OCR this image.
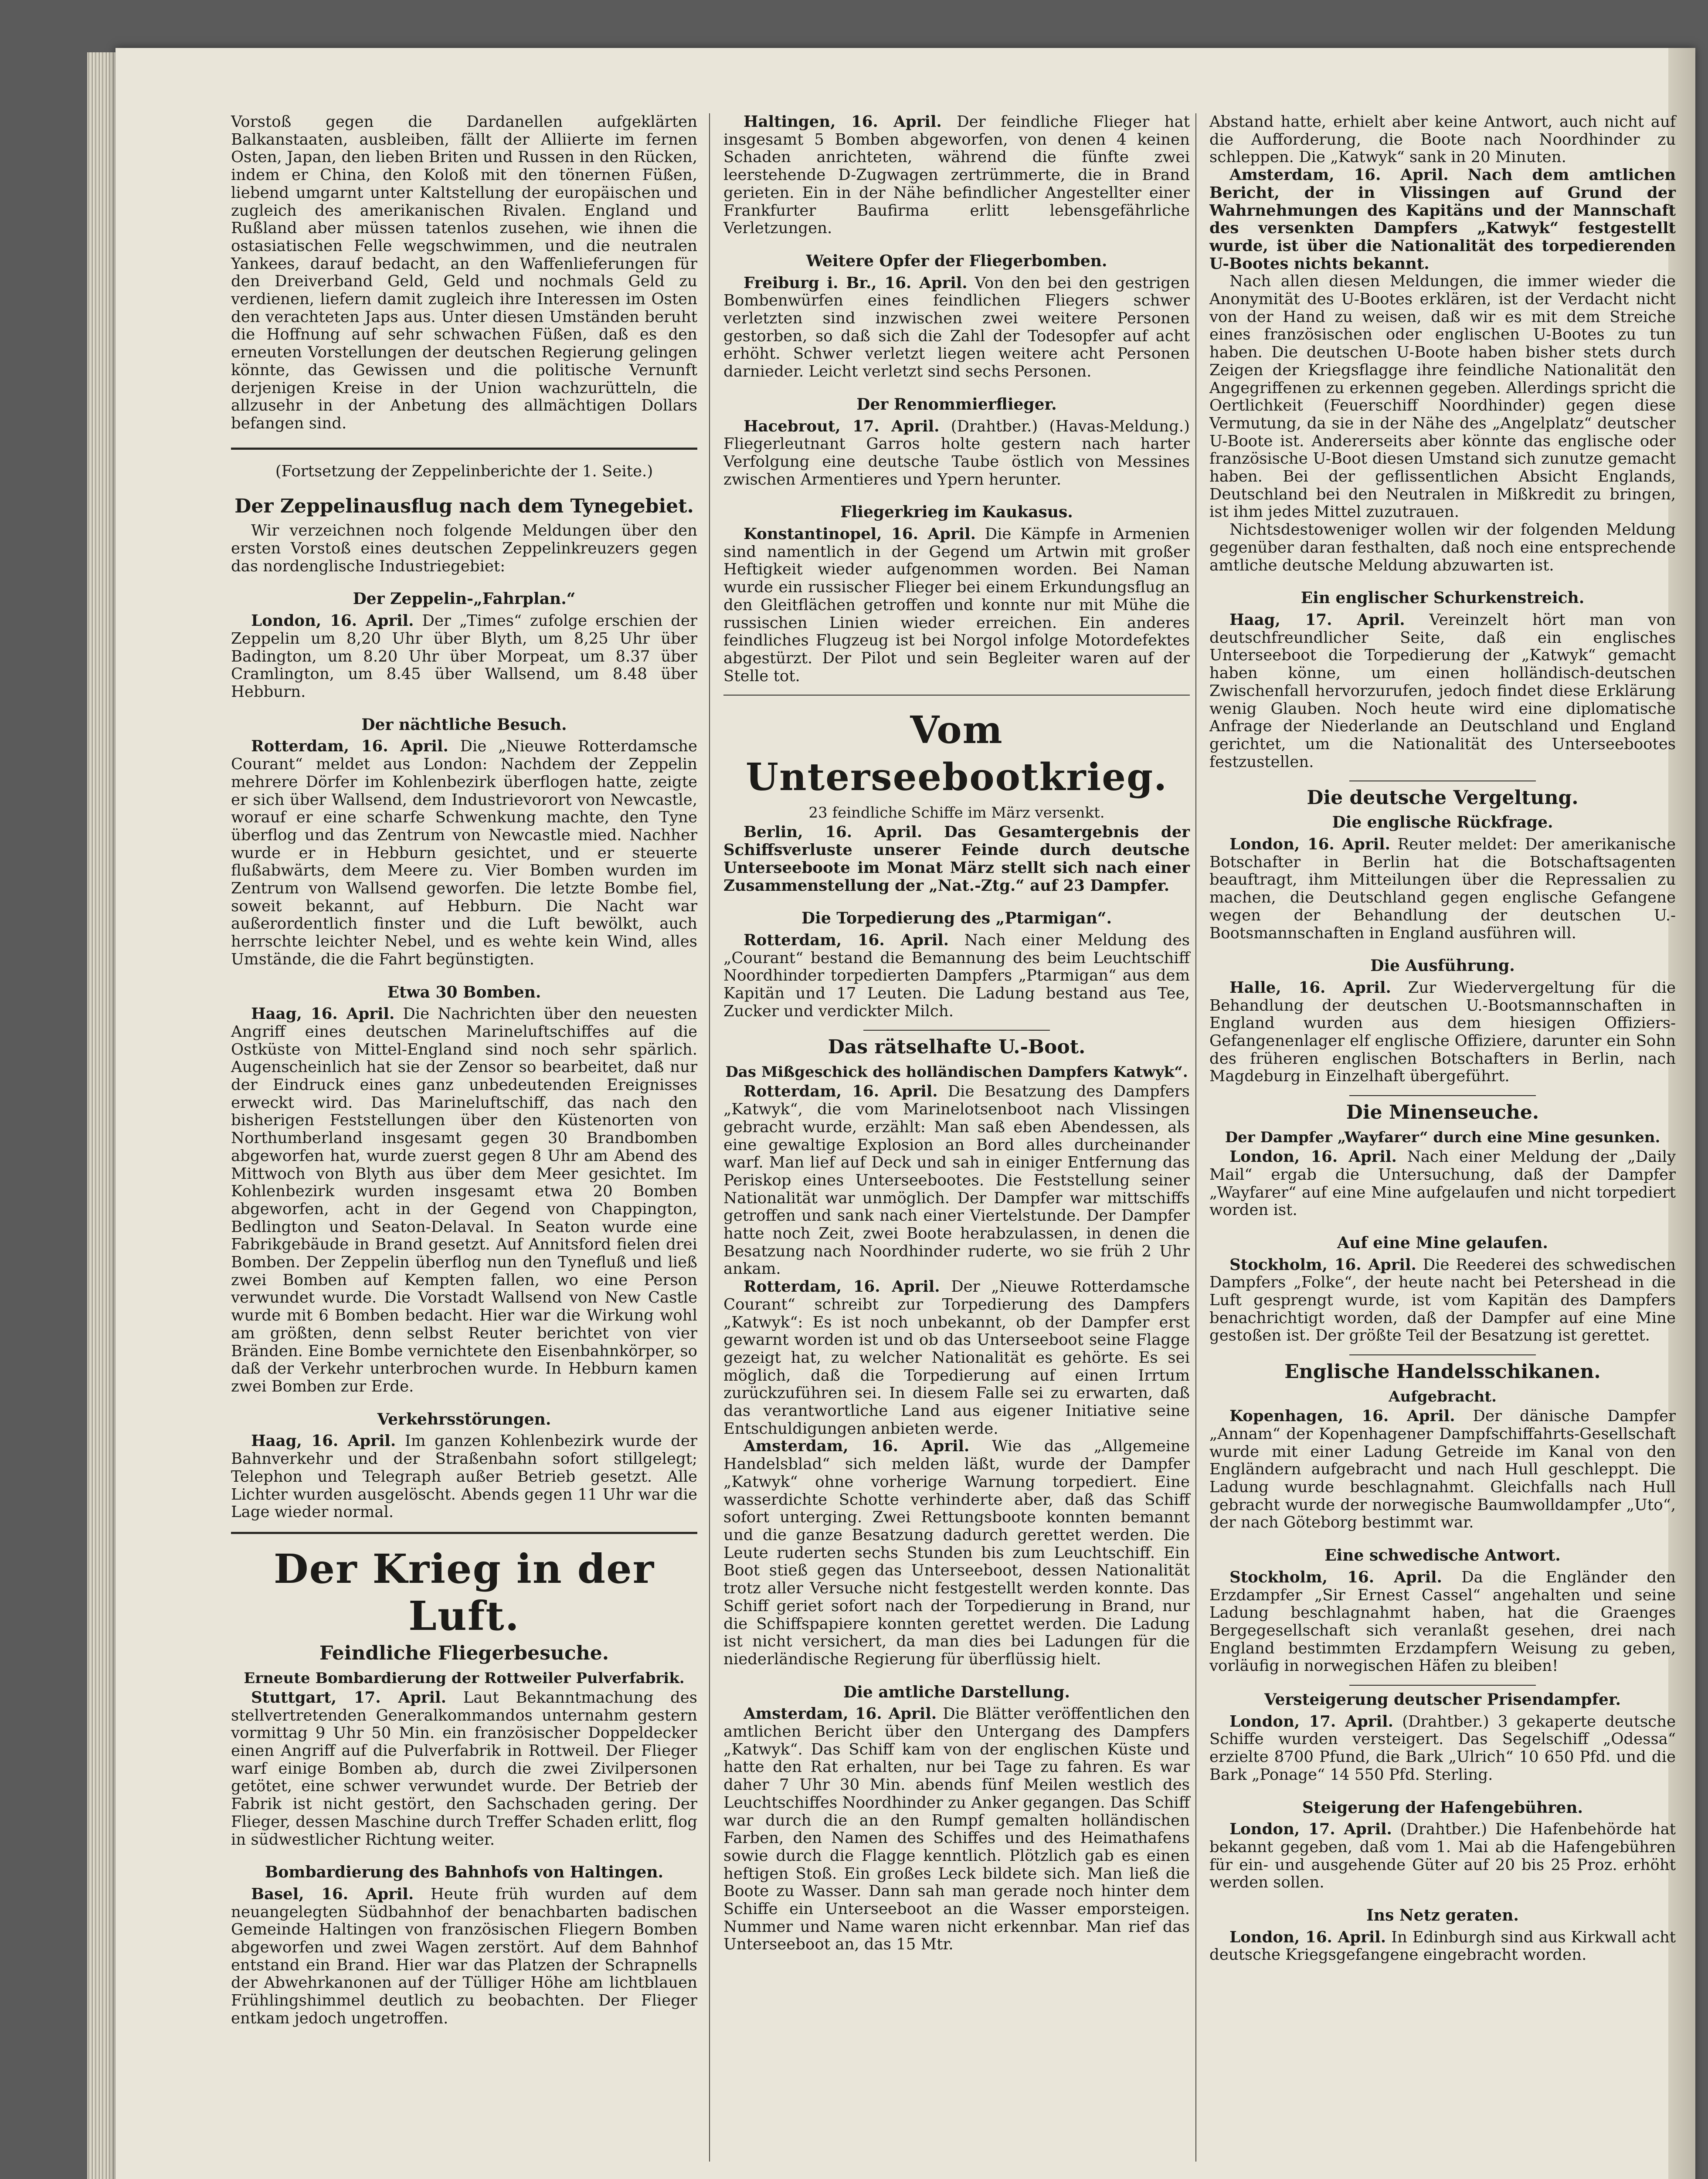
Vorstoß gegen die Dardanellen aufgeklärten Balkanstaaten, ausbleiben, fällt der Alliierte im fernen Osten, Japan, den lieben Briten und Russen in den Rücken, indem er China, den Koloß mit den tönernen Füßen, liebend umgarnt unter Kaltstellung der europäischen und zugleich des amerikanischen Rivalen. England und Rußland aber müssen tatenlos zusehen, wie ihnen die ostasiatischen Felle wegschwimmen, und die neutralen Yankees, darauf bedacht, an den Waffenlieferungen für den Dreiverband Geld, Geld und nochmals Geld zu verdienen, liefern damit zugleich ihre Interessen im Osten den verachteten Japs aus. Unter diesen Umständen beruht die Hoffnung auf sehr schwachen Füßen, daß es den erneuten Vorstellungen der deutschen Regierung gelingen könnte, das Gewissen und die politische Vernunft derjenigen Kreise in der Union wachzurütteln, die allzusehr in der Anbetung des allmächtigen Dollars befangen sind.

(Fortsetzung der Zeppelinberichte der 1. Seite.)

Der Zeppelinausflug nach dem Tynegebiet.

Wir verzeichnen noch folgende Meldungen über den ersten Vorstoß eines deutschen Zeppelinkreuzers gegen das nordenglische Industriegebiet:

Der Zeppelin-„Fahrplan.“

London, 16. April. Der „Times“ zufolge erschien der Zeppelin um 8,20 Uhr über Blyth, um 8,25 Uhr über Badington, um 8.20 Uhr über Morpeat, um 8.37 über Cramlington, um 8.45 über Wallsend, um 8.48 über Hebburn.

Der nächtliche Besuch.

Rotterdam, 16. April. Die „Nieuwe Rotterdamsche Courant“ meldet aus London: Nachdem der Zeppelin mehrere Dörfer im Kohlenbezirk überflogen hatte, zeigte er sich über Wallsend, dem Industrievorort von Newcastle, worauf er eine scharfe Schwenkung machte, den Tyne überflog und das Zentrum von Newcastle mied. Nachher wurde er in Hebburn gesichtet, und er steuerte flußabwärts, dem Meere zu. Vier Bomben wurden im Zentrum von Wallsend geworfen. Die letzte Bombe fiel, soweit bekannt, auf Hebburn. Die Nacht war außerordentlich finster und die Luft bewölkt, auch herrschte leichter Nebel, und es wehte kein Wind, alles Umstände, die die Fahrt begünstigten.

Etwa 30 Bomben.

Haag, 16. April. Die Nachrichten über den neuesten Angriff eines deutschen Marineluftschiffes auf die Ostküste von Mittel-England sind noch sehr spärlich. Augenscheinlich hat sie der Zensor so bearbeitet, daß nur der Eindruck eines ganz unbedeutenden Ereignisses erweckt wird. Das Marineluftschiff, das nach den bisherigen Feststellungen über den Küstenorten von Northumberland insgesamt gegen 30 Brandbomben abgeworfen hat, wurde zuerst gegen 8 Uhr am Abend des Mittwoch von Blyth aus über dem Meer gesichtet. Im Kohlenbezirk wurden insgesamt etwa 20 Bomben abgeworfen, acht in der Gegend von Chappington, Bedlington und Seaton-Delaval. In Seaton wurde eine Fabrikgebäude in Brand gesetzt. Auf Annitsford fielen drei Bomben. Der Zeppelin überflog nun den Tynefluß und ließ zwei Bomben auf Kempten fallen, wo eine Person verwundet wurde. Die Vorstadt Wallsend von New Castle wurde mit 6 Bomben bedacht. Hier war die Wirkung wohl am größten, denn selbst Reuter berichtet von vier Bränden. Eine Bombe vernichtete den Eisenbahnkörper, so daß der Verkehr unterbrochen wurde. In Hebburn kamen zwei Bomben zur Erde.

Verkehrsstörungen.

Haag, 16. April. Im ganzen Kohlenbezirk wurde der Bahnverkehr und der Straßenbahn sofort stillgelegt; Telephon und Telegraph außer Betrieb gesetzt. Alle Lichter wurden ausgelöscht. Abends gegen 11 Uhr war die Lage wieder normal.

Der Krieg in der Luft.
Feindliche Fliegerbesuche.
Erneute Bombardierung der Rottweiler Pulverfabrik.

Stuttgart, 17. April. Laut Bekanntmachung des stellvertretenden Generalkommandos unternahm gestern vormittag 9 Uhr 50 Min. ein französischer Doppeldecker einen Angriff auf die Pulverfabrik in Rottweil. Der Flieger warf einige Bomben ab, durch die zwei Zivilpersonen getötet, eine schwer verwundet wurde. Der Betrieb der Fabrik ist nicht gestört, den Sachschaden gering. Der Flieger, dessen Maschine durch Treffer Schaden erlitt, flog in südwestlicher Richtung weiter.

Bombardierung des Bahnhofs von Haltingen.

Basel, 16. April. Heute früh wurden auf dem neuangelegten Südbahnhof der benachbarten badischen Gemeinde Haltingen von französischen Fliegern Bomben abgeworfen und zwei Wagen zerstört. Auf dem Bahnhof entstand ein Brand. Hier war das Platzen der Schrapnells der Abwehrkanonen auf der Tülliger Höhe am lichtblauen Frühlingshimmel deutlich zu beobachten. Der Flieger entkam jedoch ungetroffen.

Haltingen, 16. April. Der feindliche Flieger hat insgesamt 5 Bomben abgeworfen, von denen 4 keinen Schaden anrichteten, während die fünfte zwei leerstehende D-Zugwagen zertrümmerte, die in Brand gerieten. Ein in der Nähe befindlicher Angestellter einer Frankfurter Baufirma erlitt lebensgefährliche Verletzungen.

Weitere Opfer der Fliegerbomben.

Freiburg i. Br., 16. April. Von den bei den gestrigen Bombenwürfen eines feindlichen Fliegers schwer verletzten sind inzwischen zwei weitere Personen gestorben, so daß sich die Zahl der Todesopfer auf acht erhöht. Schwer verletzt liegen weitere acht Personen darnieder. Leicht verletzt sind sechs Personen.

Der Renommierflieger.

Hacebrout, 17. April. (Drahtber.) (Havas-Meldung.) Fliegerleutnant Garros holte gestern nach harter Verfolgung eine deutsche Taube östlich von Messines zwischen Armentieres und Ypern herunter.

Fliegerkrieg im Kaukasus.

Konstantinopel, 16. April. Die Kämpfe in Armenien sind namentlich in der Gegend um Artwin mit großer Heftigkeit wieder aufgenommen worden. Bei Naman wurde ein russischer Flieger bei einem Erkundungsflug an den Gleitflächen getroffen und konnte nur mit Mühe die russischen Linien wieder erreichen. Ein anderes feindliches Flugzeug ist bei Norgol infolge Motordefektes abgestürzt. Der Pilot und sein Begleiter waren auf der Stelle tot.

Vom Unterseebootkrieg.
23 feindliche Schiffe im März versenkt.

Berlin, 16. April. Das Gesamtergebnis der Schiffsverluste unserer Feinde durch deutsche Unterseeboote im Monat März stellt sich nach einer Zusammenstellung der „Nat.-Ztg.“ auf 23 Dampfer.

Die Torpedierung des „Ptarmigan“.

Rotterdam, 16. April. Nach einer Meldung des „Courant“ bestand die Bemannung des beim Leuchtschiff Noordhinder torpedierten Dampfers „Ptarmigan“ aus dem Kapitän und 17 Leuten. Die Ladung bestand aus Tee, Zucker und verdickter Milch.

Das rätselhafte U.-Boot.
Das Mißgeschick des holländischen Dampfers Katwyk“.

Rotterdam, 16. April. Die Besatzung des Dampfers „Katwyk“, die vom Marinelotsenboot nach Vlissingen gebracht wurde, erzählt: Man saß eben Abendessen, als eine gewaltige Explosion an Bord alles durcheinander warf. Man lief auf Deck und sah in einiger Entfernung das Periskop eines Unterseebootes. Die Feststellung seiner Nationalität war unmöglich. Der Dampfer war mittschiffs getroffen und sank nach einer Viertelstunde. Der Dampfer hatte noch Zeit, zwei Boote herabzulassen, in denen die Besatzung nach Noordhinder ruderte, wo sie früh 2 Uhr ankam.

Rotterdam, 16. April. Der „Nieuwe Rotterdamsche Courant“ schreibt zur Torpedierung des Dampfers „Katwyk“: Es ist noch unbekannt, ob der Dampfer erst gewarnt worden ist und ob das Unterseeboot seine Flagge gezeigt hat, zu welcher Nationalität es gehörte. Es sei möglich, daß die Torpedierung auf einen Irrtum zurückzuführen sei. In diesem Falle sei zu erwarten, daß das verantwortliche Land aus eigener Initiative seine Entschuldigungen anbieten werde.

Amsterdam, 16. April. Wie das „Allgemeine Handelsblad“ sich melden läßt, wurde der Dampfer „Katwyk“ ohne vorherige Warnung torpediert. Eine wasserdichte Schotte verhinderte aber, daß das Schiff sofort unterging. Zwei Rettungsboote konnten bemannt und die ganze Besatzung dadurch gerettet werden. Die Leute ruderten sechs Stunden bis zum Leuchtschiff. Ein Boot stieß gegen das Unterseeboot, dessen Nationalität trotz aller Versuche nicht festgestellt werden konnte. Das Schiff geriet sofort nach der Torpedierung in Brand, nur die Schiffspapiere konnten gerettet werden. Die Ladung ist nicht versichert, da man dies bei Ladungen für die niederländische Regierung für überflüssig hielt.

Die amtliche Darstellung.

Amsterdam, 16. April. Die Blätter veröffentlichen den amtlichen Bericht über den Untergang des Dampfers „Katwyk“. Das Schiff kam von der englischen Küste und hatte den Rat erhalten, nur bei Tage zu fahren. Es war daher 7 Uhr 30 Min. abends fünf Meilen westlich des Leuchtschiffes Noordhinder zu Anker gegangen. Das Schiff war durch die an den Rumpf gemalten holländischen Farben, den Namen des Schiffes und des Heimathafens sowie durch die Flagge kenntlich. Plötzlich gab es einen heftigen Stoß. Ein großes Leck bildete sich. Man ließ die Boote zu Wasser. Dann sah man gerade noch hinter dem Schiffe ein Unterseeboot an die Wasser emporsteigen. Nummer und Name waren nicht erkennbar. Man rief das Unterseeboot an, das 15 Mtr.

Abstand hatte, erhielt aber keine Antwort, auch nicht auf die Aufforderung, die Boote nach Noordhinder zu schleppen. Die „Katwyk“ sank in 20 Minuten.

Amsterdam, 16. April. Nach dem amtlichen Bericht, der in Vlissingen auf Grund der Wahrnehmungen des Kapitäns und der Mannschaft des versenkten Dampfers „Katwyk“ festgestellt wurde, ist über die Nationalität des torpedierenden U-Bootes nichts bekannt.

Nach allen diesen Meldungen, die immer wieder die Anonymität des U-Bootes erklären, ist der Verdacht nicht von der Hand zu weisen, daß wir es mit dem Streiche eines französischen oder englischen U-Bootes zu tun haben. Die deutschen U-Boote haben bisher stets durch Zeigen der Kriegsflagge ihre feindliche Nationalität den Angegriffenen zu erkennen gegeben. Allerdings spricht die Oertlichkeit (Feuerschiff Noordhinder) gegen diese Vermutung, da sie in der Nähe des „Angelplatz“ deutscher U-Boote ist. Andererseits aber könnte das englische oder französische U-Boot diesen Umstand sich zunutze gemacht haben. Bei der geflissentlichen Absicht Englands, Deutschland bei den Neutralen in Mißkredit zu bringen, ist ihm jedes Mittel zuzutrauen.

Nichtsdestoweniger wollen wir der folgenden Meldung gegenüber daran festhalten, daß noch eine entsprechende amtliche deutsche Meldung abzuwarten ist.

Ein englischer Schurkenstreich.

Haag, 17. April. Vereinzelt hört man von deutschfreundlicher Seite, daß ein englisches Unterseeboot die Torpedierung der „Katwyk“ gemacht haben könne, um einen holländisch-deutschen Zwischenfall hervorzurufen, jedoch findet diese Erklärung wenig Glauben. Noch heute wird eine diplomatische Anfrage der Niederlande an Deutschland und England gerichtet, um die Nationalität des Unterseebootes festzustellen.

Die deutsche Vergeltung.
Die englische Rückfrage.

London, 16. April. Reuter meldet: Der amerikanische Botschafter in Berlin hat die Botschaftsagenten beauftragt, ihm Mitteilungen über die Repressalien zu machen, die Deutschland gegen englische Gefangene wegen der Behandlung der deutschen U.-Bootsmannschaften in England ausführen will.

Die Ausführung.

Halle, 16. April. Zur Wiedervergeltung für die Behandlung der deutschen U.-Bootsmannschaften in England wurden aus dem hiesigen Offiziers-Gefangenenlager elf englische Offiziere, darunter ein Sohn des früheren englischen Botschafters in Berlin, nach Magdeburg in Einzelhaft übergeführt.

Die Minenseuche.
Der Dampfer „Wayfarer“ durch eine Mine gesunken.

London, 16. April. Nach einer Meldung der „Daily Mail“ ergab die Untersuchung, daß der Dampfer „Wayfarer“ auf eine Mine aufgelaufen und nicht torpediert worden ist.

Auf eine Mine gelaufen.

Stockholm, 16. April. Die Reederei des schwedischen Dampfers „Folke“, der heute nacht bei Petershead in die Luft gesprengt wurde, ist vom Kapitän des Dampfers benachrichtigt worden, daß der Dampfer auf eine Mine gestoßen ist. Der größte Teil der Besatzung ist gerettet.

Englische Handelsschikanen.
Aufgebracht.

Kopenhagen, 16. April. Der dänische Dampfer „Annam“ der Kopenhagener Dampfschiffahrts-Gesellschaft wurde mit einer Ladung Getreide im Kanal von den Engländern aufgebracht und nach Hull geschleppt. Die Ladung wurde beschlagnahmt. Gleichfalls nach Hull gebracht wurde der norwegische Baumwolldampfer „Uto“, der nach Göteborg bestimmt war.

Eine schwedische Antwort.

Stockholm, 16. April. Da die Engländer den Erzdampfer „Sir Ernest Cassel“ angehalten und seine Ladung beschlagnahmt haben, hat die Graenges Bergegesellschaft sich veranlaßt gesehen, drei nach England bestimmten Erzdampfern Weisung zu geben, vorläufig in norwegischen Häfen zu bleiben!

Versteigerung deutscher Prisendampfer.

London, 17. April. (Drahtber.) 3 gekaperte deutsche Schiffe wurden versteigert. Das Segelschiff „Odessa“ erzielte 8700 Pfund, die Bark „Ulrich“ 10 650 Pfd. und die Bark „Ponage“ 14 550 Pfd. Sterling.

Steigerung der Hafengebühren.

London, 17. April. (Drahtber.) Die Hafenbehörde hat bekannt gegeben, daß vom 1. Mai ab die Hafengebühren für ein- und ausgehende Güter auf 20 bis 25 Proz. erhöht werden sollen.

Ins Netz geraten.

London, 16. April. In Edinburgh sind aus Kirkwall acht deutsche Kriegsgefangene eingebracht worden.
